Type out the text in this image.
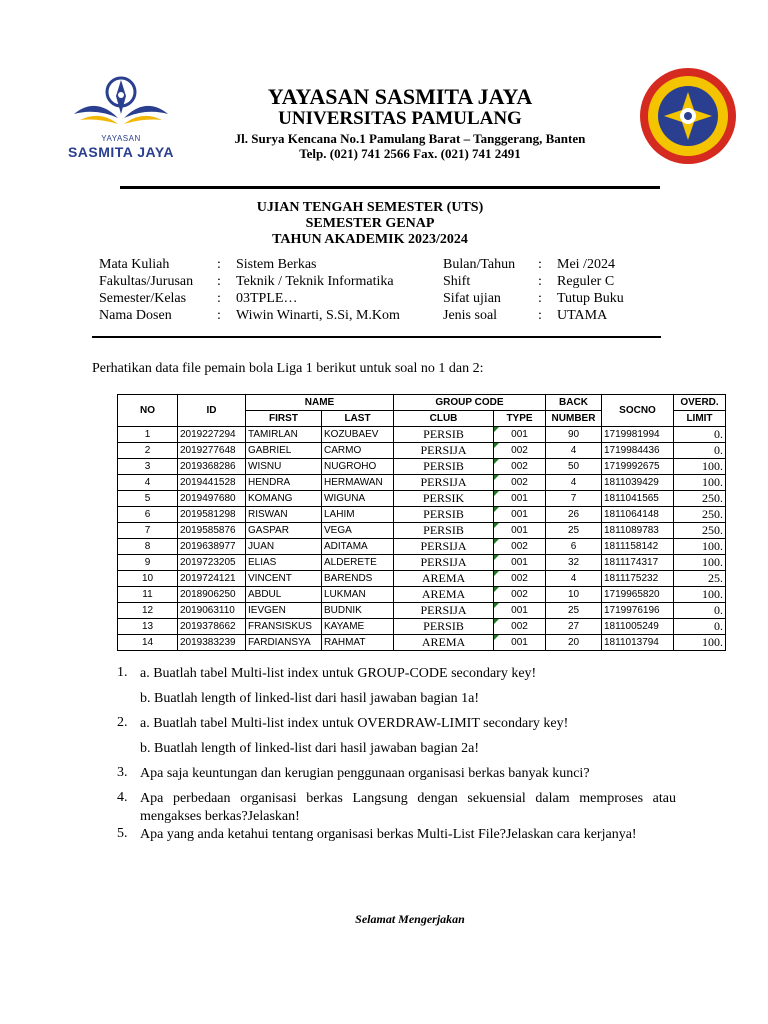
YAYASAN
SASMITA JAYA
YAYASAN SASMITA JAYA
UNIVERSITAS PAMULANG
Jl. Surya Kencana No.1 Pamulang Barat – Tanggerang, Banten
Telp. (021) 741 2566 Fax. (021) 741 2491
UJIAN TENGAH SEMESTER (UTS)
SEMESTER GENAP
TAHUN AKADEMIK 2023/2024
Mata Kuliah	: Sistem Berkas
Fakultas/Jurusan : Teknik / Teknik Informatika
Semester/Kelas : 03TPLE…
Nama Dosen	: Wiwin Winarti, S.Si, M.Kom
Bulan/Tahun : Mei /2024
Shift	: Reguler C
Sifat ujian	: Tutup Buku
Jenis soal	: UTAMA
Perhatikan data file pemain bola Liga 1 berikut untuk soal no 1 dan 2:
NO	ID	NAME		GROUP CODE		BACK	SOCNO	OVERD.
		FIRST	LAST	CLUB	TYPE	NUMBER		LIMIT
1	2019227294	TAMIRLAN	KOZUBAEV	PERSIB	001	90	1719981994	0.
2	2019277648	GABRIEL	CARMO	PERSIJA	002	4	1719984436	0.
3	2019368286	WISNU	NUGROHO	PERSIB	002	50	1719992675	100.
4	2019441528	HENDRA	HERMAWAN	PERSIJA	002	4	1811039429	100.
5	2019497680	KOMANG	WIGUNA	PERSIK	001	7	1811041565	250.
6	2019581298	RISWAN	LAHIM	PERSIB	001	26	1811064148	250.
7	2019585876	GASPAR	VEGA	PERSIB	001	25	1811089783	250.
8	2019638977	JUAN	ADITAMA	PERSIJA	002	6	1811158142	100.
9	2019723205	ELIAS	ALDERETE	PERSIJA	001	32	1811174317	100.
10	2019724121	VINCENT	BARENDS	AREMA	002	4	1811175232	25.
11	2018906250	ABDUL	LUKMAN	AREMA	002	10	1719965820	100.
12	2019063110	IEVGEN	BUDNIK	PERSIJA	001	25	1719976196	0.
13	2019378662	FRANSISKUS	KAYAME	PERSIB	002	27	1811005249	0.
14	2019383239	FARDIANSYA	RAHMAT	AREMA	001	20	1811013794	100.
1. a. Buatlah tabel Multi-list index untuk GROUP-CODE secondary key!
b. Buatlah length of linked-list dari hasil jawaban bagian 1a!
2. a. Buatlah tabel Multi-list index untuk OVERDRAW-LIMIT secondary key!
b. Buatlah length of linked-list dari hasil jawaban bagian 2a!
3. Apa saja keuntungan dan kerugian penggunaan organisasi berkas banyak kunci?
4. Apa perbedaan organisasi berkas Langsung dengan sekuensial dalam memproses atau mengakses berkas?Jelaskan!
5. Apa yang anda ketahui tentang organisasi berkas Multi-List File?Jelaskan cara kerjanya!
Selamat Mengerjakan
